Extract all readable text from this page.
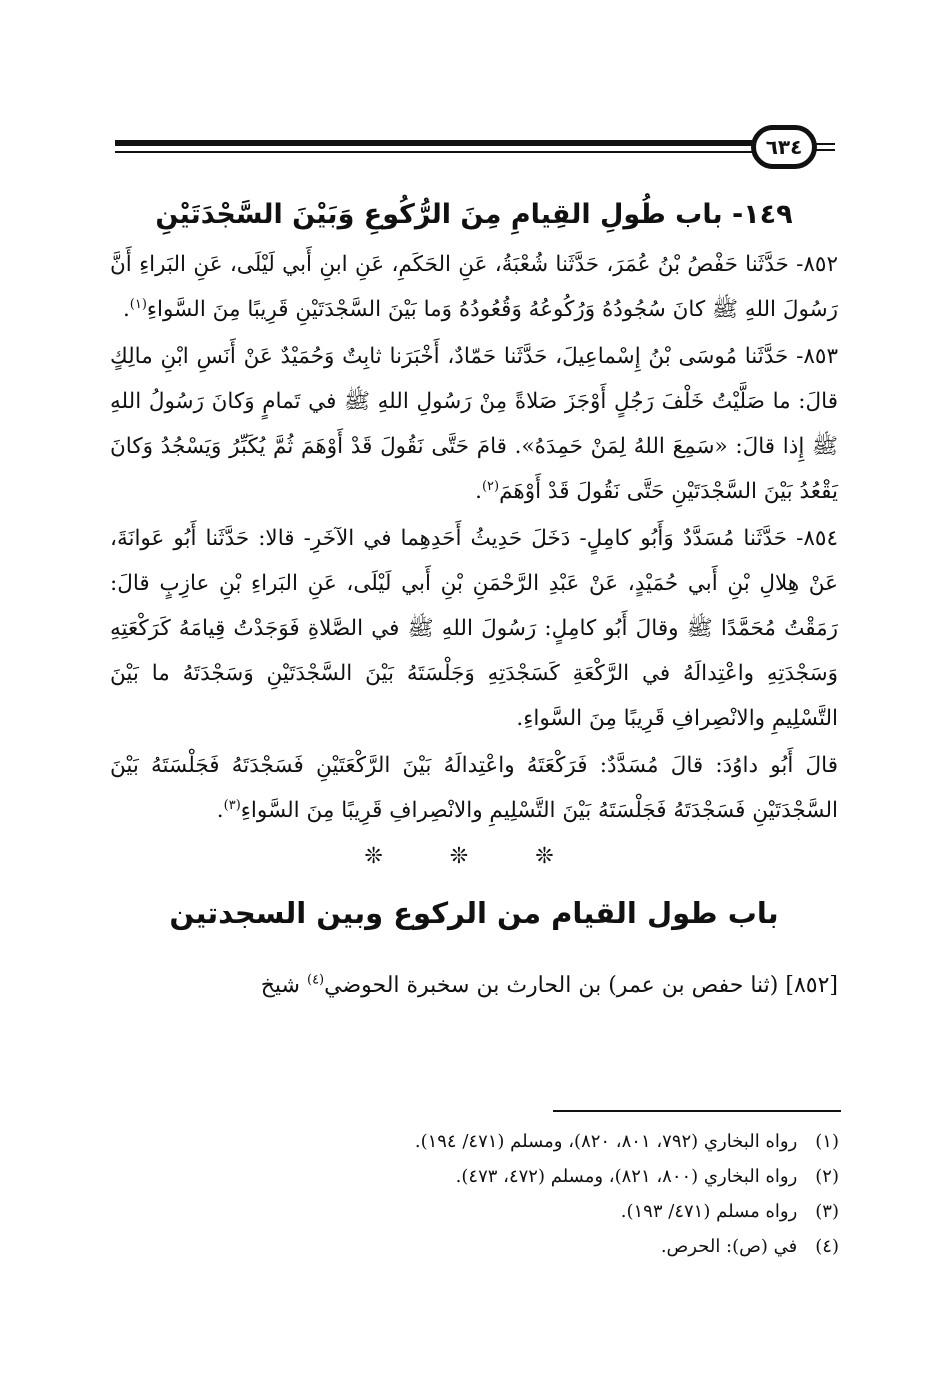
٦٣٤
١٤٩- باب طُولِ القِيامِ مِنَ الرُّكُوعِ وَبَيْنَ السَّجْدَتَيْنِ

٨٥٢- حَدَّثَنا حَفْصُ بْنُ عُمَرَ، حَدَّثَنا شُعْبَةُ، عَنِ الحَكَمِ، عَنِ ابنِ أَبي لَيْلَى، عَنِ البَراءِ أَنَّ رَسُولَ اللهِ ﷺ كانَ سُجُودُهُ وَرُكُوعُهُ وَقُعُودُهُ وَما بَيْنَ السَّجْدَتَيْنِ قَرِيبًا مِنَ السَّواءِ$^{(١)}$.

٨٥٣- حَدَّثَنا مُوسَى بْنُ إِسْماعِيلَ، حَدَّثَنا حَمّادٌ، أَخْبَرَنا ثابِتٌ وَحُمَيْدٌ عَنْ أَنَسِ ابْنِ مالِكٍ قالَ: ما صَلَّيْتُ خَلْفَ رَجُلٍ أَوْجَزَ صَلاةً مِنْ رَسُولِ اللهِ ﷺ في تَمامٍ وَكانَ رَسُولُ اللهِ ﷺ إِذا قالَ: «سَمِعَ اللهُ لِمَنْ حَمِدَهُ». قامَ حَتَّى نَقُولَ قَدْ أَوْهَمَ ثُمَّ يُكَبِّرُ وَيَسْجُدُ وَكانَ يَقْعُدُ بَيْنَ السَّجْدَتَيْنِ حَتَّى نَقُولَ قَدْ أَوْهَمَ$^{(٢)}$.

٨٥٤- حَدَّثَنا مُسَدَّدٌ وَأَبُو كامِلٍ- دَخَلَ حَدِيثُ أَحَدِهِما في الآخَرِ- قالا: حَدَّثَنا أَبُو عَوانَةَ، عَنْ هِلالِ بْنِ أَبي حُمَيْدٍ، عَنْ عَبْدِ الرَّحْمَنِ بْنِ أَبي لَيْلَى، عَنِ البَراءِ بْنِ عازِبٍ قالَ: رَمَقْتُ مُحَمَّدًا ﷺ وقالَ أَبُو كامِلٍ: رَسُولَ اللهِ ﷺ في الصَّلاةِ فَوَجَدْتُ قِيامَهُ كَرَكْعَتِهِ وَسَجْدَتِهِ واعْتِدالَهُ في الرَّكْعَةِ كَسَجْدَتِهِ وَجَلْسَتَهُ بَيْنَ السَّجْدَتَيْنِ وَسَجْدَتَهُ ما بَيْنَ التَّسْلِيمِ والانْصِرافِ قَرِيبًا مِنَ السَّواءِ.

قالَ أَبُو داوُدَ: قالَ مُسَدَّدٌ: فَرَكْعَتَهُ واعْتِدالَهُ بَيْنَ الرَّكْعَتَيْنِ فَسَجْدَتَهُ فَجَلْسَتَهُ بَيْنَ السَّجْدَتَيْنِ فَسَجْدَتَهُ فَجَلْسَتَهُ بَيْنَ التَّسْلِيمِ والانْصِرافِ قَرِيبًا مِنَ السَّواءِ$^{(٣)}$.

❊ ❊ ❊
باب طول القيام من الركوع وبين السجدتين

[٨٥٢] (ثنا حفص بن عمر) بن الحارث بن سخبرة الحوضي$^{(٤)}$ شيخ

(١) رواه البخاري (٧٩٢، ٨٠١، ٨٢٠)، ومسلم (٤٧١/ ١٩٤).
(٢) رواه البخاري (٨٠٠، ٨٢١)، ومسلم (٤٧٢، ٤٧٣).
(٣) رواه مسلم (٤٧١/ ١٩٣).
(٤) في (ص): الحرص.
